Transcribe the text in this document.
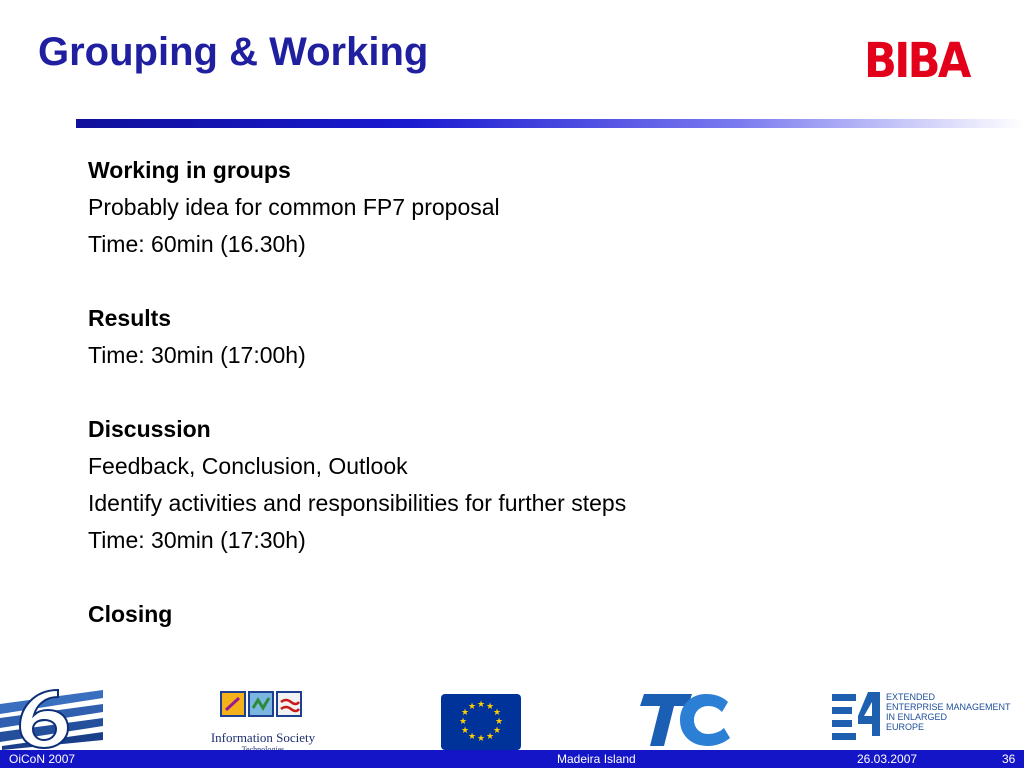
Grouping & Working	BIBA
Working in groups
Probably idea for common FP7 proposal
Time: 60min (16.30h)
Results
Time: 30min (17:00h)
Discussion
Feedback, Conclusion, Outlook
Identify activities and responsibilities for further steps
Time: 30min (17:30h)
Closing
Information Society
★ ★
★
★
★
★
★
★
★
★
★
★
EXTENDED
ENTERPRISE MANAGEMENT
IN ENLARGED
EUROPE
OiCoN 2007	Madeira Island	26.03.2007	36
